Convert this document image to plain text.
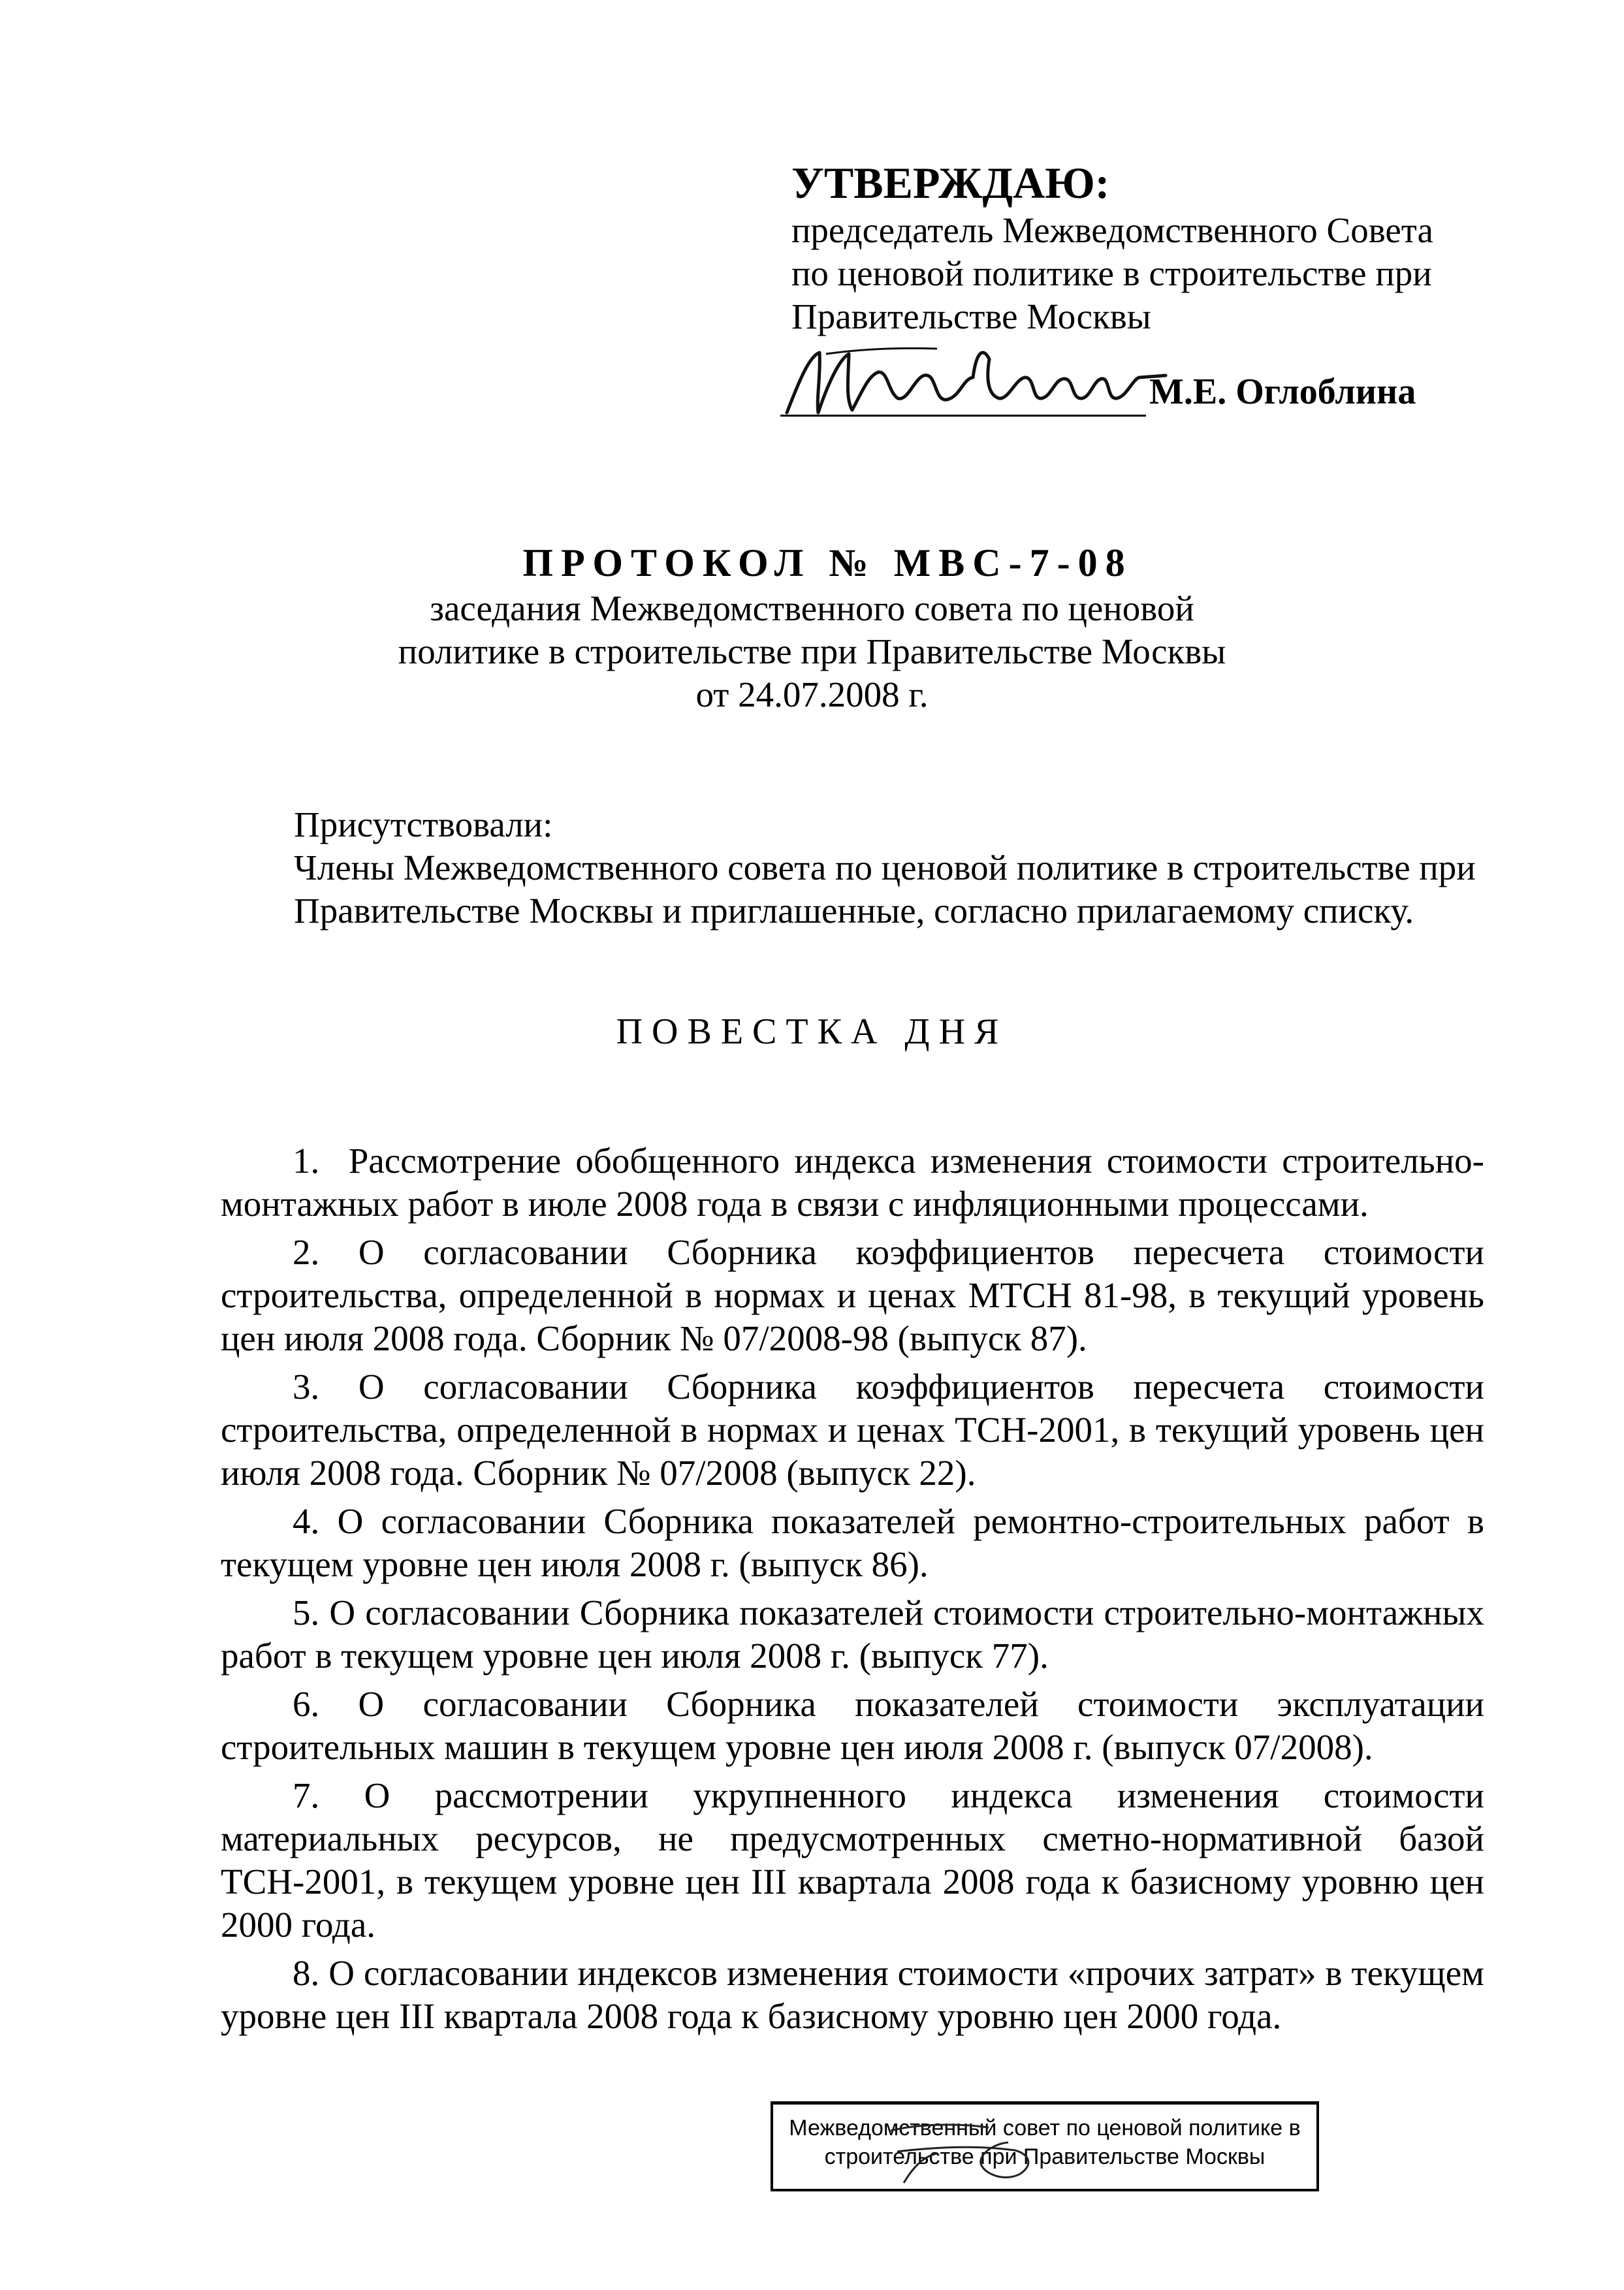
УТВЕРЖДАЮ:
председатель Межведомственного Совета
по ценовой политике в строительстве при
Правительстве Москвы
М.Е. Оглоблина
ПРОТОКОЛ № МВС-7-08
заседания Межведомственного совета по ценовой
политике в строительстве при Правительстве Москвы
от 24.07.2008 г.
Присутствовали:
Члены Межведомственного совета по ценовой политике в строительстве при Правительстве Москвы и приглашенные, согласно прилагаемому списку.
ПОВЕСТКА ДНЯ
1.  Рассмотрение обобщенного индекса изменения стоимости строительно-монтажных работ в июле 2008 года в связи с инфляционными процессами.
2. О согласовании Сборника коэффициентов пересчета стоимости строительства, определенной в нормах и ценах МТСН 81-98, в текущий уровень цен июля 2008 года. Сборник № 07/2008-98 (выпуск 87).
3. О согласовании Сборника коэффициентов пересчета стоимости строительства, определенной в нормах и ценах ТСН-2001, в текущий уровень цен июля 2008 года. Сборник № 07/2008 (выпуск 22).
4. О согласовании Сборника показателей ремонтно-строительных работ в текущем уровне цен июля 2008 г. (выпуск 86).
5. О согласовании Сборника показателей стоимости строительно-монтажных работ в текущем уровне цен июля 2008 г. (выпуск 77).
6. О согласовании Сборника показателей стоимости эксплуатации строительных машин в текущем уровне цен июля 2008 г. (выпуск 07/2008).
7. О рассмотрении укрупненного индекса изменения стоимости материальных ресурсов, не предусмотренных сметно-нормативной базой ТСН-2001, в текущем уровне цен III квартала 2008 года к базисному уровню цен 2000 года.
8. О согласовании индексов изменения стоимости «прочих затрат» в текущем уровне цен III квартала 2008 года к базисному уровню цен 2000 года.
Межведомственный совет по ценовой политике в
строительстве при Правительстве Москвы
